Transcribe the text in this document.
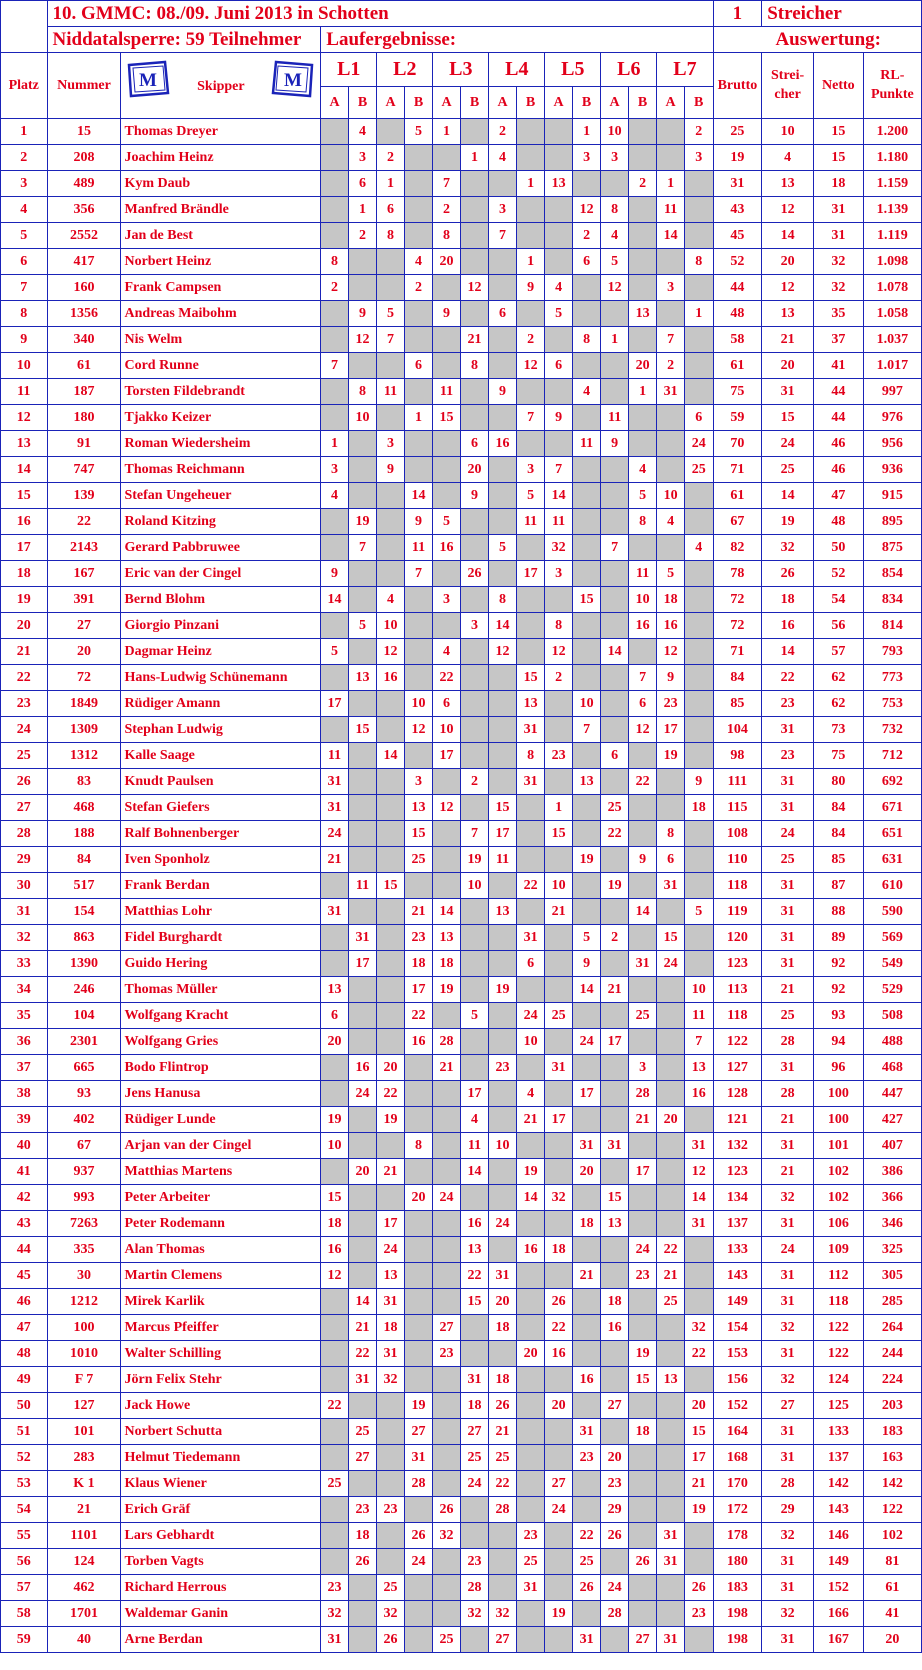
	10. GMMC: 08./09. Juni 2013 in Schotten																1	Streicher		
	Niddatalsperre: 59 Teilnehmer		Laufergebnisse:														Auswertung:			
Platz	Nummer	M Skipper M	L1		L2		L3		L4		L5		L6		L7		Brutto	Strei-cher	Netto	RL-Punkte
			A	B	A	B	A	B	A	B	A	B	A	B	A	B				
1	15	Thomas Dreyer		4		5	1		2			1	10			2	25	10	15	1.200
2	208	Joachim Heinz		3	2			1	4			3	3			3	19	4	15	1.180
3	489	Kym Daub		6	1		7			1	13			2	1		31	13	18	1.159
4	356	Manfred Brändle		1	6		2		3			12	8		11		43	12	31	1.139
5	2552	Jan de Best		2	8		8		7			2	4		14		45	14	31	1.119
6	417	Norbert Heinz	8			4	20			1		6	5			8	52	20	32	1.098
7	160	Frank Campsen	2			2		12		9	4		12		3		44	12	32	1.078
8	1356	Andreas Maibohm		9	5		9		6		5			13		1	48	13	35	1.058
9	340	Nis Welm		12	7			21		2		8	1		7		58	21	37	1.037
10	61	Cord Runne	7			6		8		12	6			20	2		61	20	41	1.017
11	187	Torsten Fildebrandt		8	11		11		9			4		1	31		75	31	44	997
12	180	Tjakko Keizer		10		1	15			7	9		11			6	59	15	44	976
13	91	Roman Wiedersheim	1		3			6	16			11	9			24	70	24	46	956
14	747	Thomas Reichmann	3		9			20		3	7			4		25	71	25	46	936
15	139	Stefan Ungeheuer	4			14		9		5	14			5	10		61	14	47	915
16	22	Roland Kitzing		19		9	5			11	11			8	4		67	19	48	895
17	2143	Gerard Pabbruwee		7		11	16		5		32		7			4	82	32	50	875
18	167	Eric van der Cingel	9			7		26		17	3			11	5		78	26	52	854
19	391	Bernd Blohm	14		4		3		8			15		10	18		72	18	54	834
20	27	Giorgio Pinzani		5	10			3	14		8			16	16		72	16	56	814
21	20	Dagmar Heinz	5		12		4		12		12		14		12		71	14	57	793
22	72	Hans-Ludwig Schünemann		13	16		22			15	2			7	9		84	22	62	773
23	1849	Rüdiger Amann	17			10	6			13		10		6	23		85	23	62	753
24	1309	Stephan Ludwig		15		12	10			31		7		12	17		104	31	73	732
25	1312	Kalle Saage	11		14		17			8	23		6		19		98	23	75	712
26	83	Knudt Paulsen	31			3		2		31		13		22		9	111	31	80	692
27	468	Stefan Giefers	31			13	12		15		1		25			18	115	31	84	671
28	188	Ralf Bohnenberger	24			15		7	17		15		22		8		108	24	84	651
29	84	Iven Sponholz	21			25		19	11			19		9	6		110	25	85	631
30	517	Frank Berdan		11	15			10		22	10		19		31		118	31	87	610
31	154	Matthias Lohr	31			21	14		13		21			14		5	119	31	88	590
32	863	Fidel Burghardt		31		23	13			31		5	2		15		120	31	89	569
33	1390	Guido Hering		17		18	18			6		9		31	24		123	31	92	549
34	246	Thomas Müller	13			17	19		19			14	21			10	113	21	92	529
35	104	Wolfgang Kracht	6			22		5		24	25			25		11	118	25	93	508
36	2301	Wolfgang Gries	20			16	28			10		24	17			7	122	28	94	488
37	665	Bodo Flintrop		16	20		21		23		31			3		13	127	31	96	468
38	93	Jens Hanusa		24	22			17		4		17		28		16	128	28	100	447
39	402	Rüdiger Lunde	19		19			4		21	17			21	20		121	21	100	427
40	67	Arjan van der Cingel	10			8		11	10			31	31			31	132	31	101	407
41	937	Matthias Martens		20	21			14		19		20		17		12	123	21	102	386
42	993	Peter Arbeiter	15			20	24			14	32		15			14	134	32	102	366
43	7263	Peter Rodemann	18		17			16	24			18	13			31	137	31	106	346
44	335	Alan Thomas	16		24			13		16	18			24	22		133	24	109	325
45	30	Martin Clemens	12		13			22	31			21		23	21		143	31	112	305
46	1212	Mirek Karlik		14	31			15	20		26		18		25		149	31	118	285
47	100	Marcus Pfeiffer		21	18		27		18		22		16			32	154	32	122	264
48	1010	Walter Schilling		22	31		23			20	16			19		22	153	31	122	244
49	F 7	Jörn Felix Stehr		31	32			31	18			16		15	13		156	32	124	224
50	127	Jack Howe	22			19		18	26		20		27			20	152	27	125	203
51	101	Norbert Schutta		25		27		27	21			31		18		15	164	31	133	183
52	283	Helmut Tiedemann		27		31		25	25			23	20			17	168	31	137	163
53	K 1	Klaus Wiener	25			28		24	22		27		23			21	170	28	142	142
54	21	Erich Gräf		23	23		26		28		24		29			19	172	29	143	122
55	1101	Lars Gebhardt		18		26	32			23		22	26		31		178	32	146	102
56	124	Torben Vagts		26		24		23		25		25		26	31		180	31	149	81
57	462	Richard Herrous	23		25			28		31		26	24			26	183	31	152	61
58	1701	Waldemar Ganin	32		32			32	32		19		28			23	198	32	166	41
59	40	Arne Berdan	31		26		25		27			31		27	31		198	31	167	20
